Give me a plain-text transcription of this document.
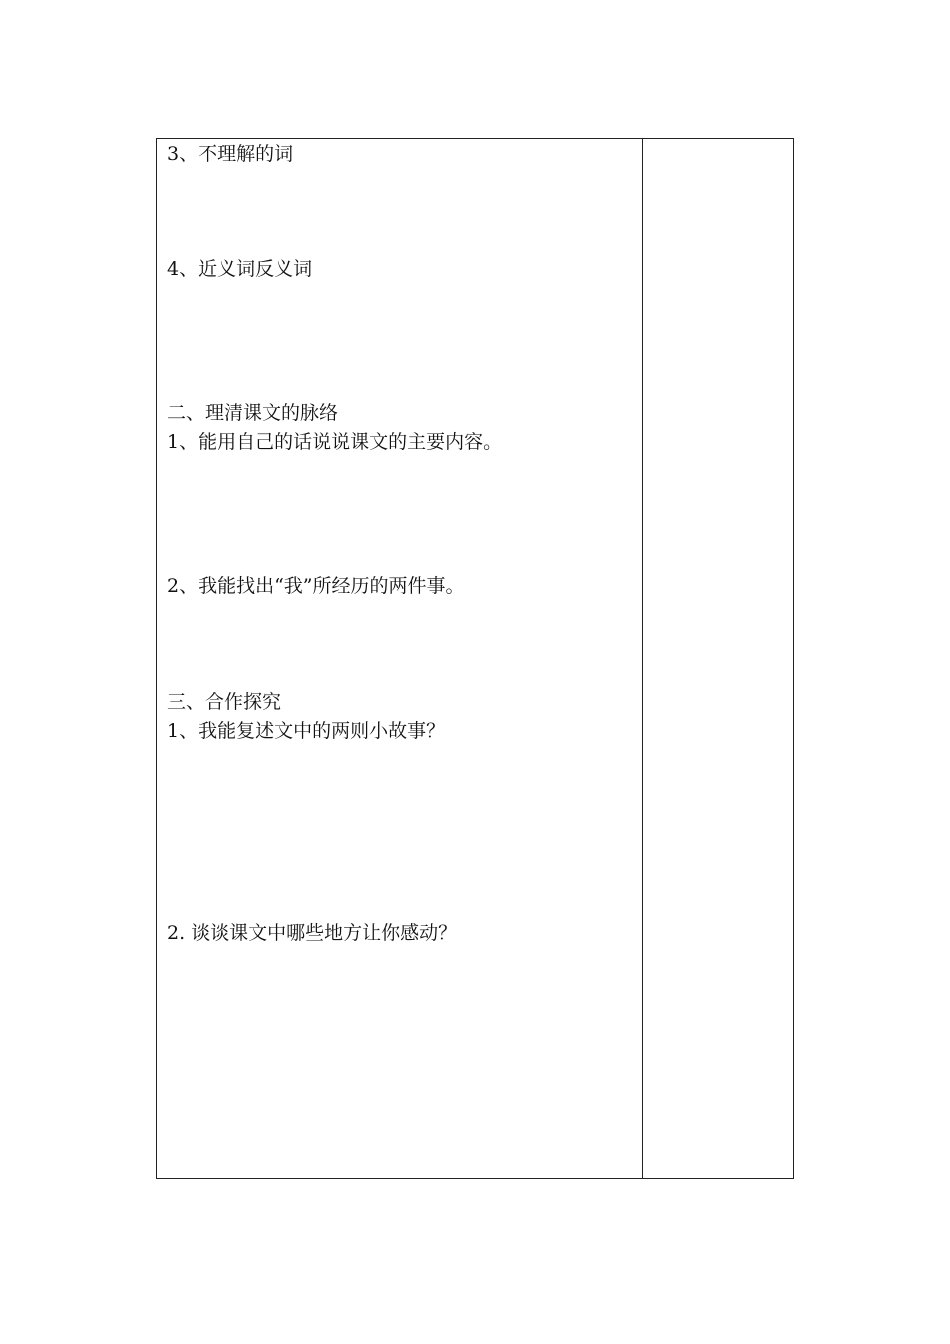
3、不理解的词
4、近义词反义词
二、理清课文的脉络
1、能用自己的话说说课文的主要内容。
2、我能找出“我”所经历的两件事。
三、合作探究
1、我能复述文中的两则小故事？
2. 谈谈课文中哪些地方让你感动？
